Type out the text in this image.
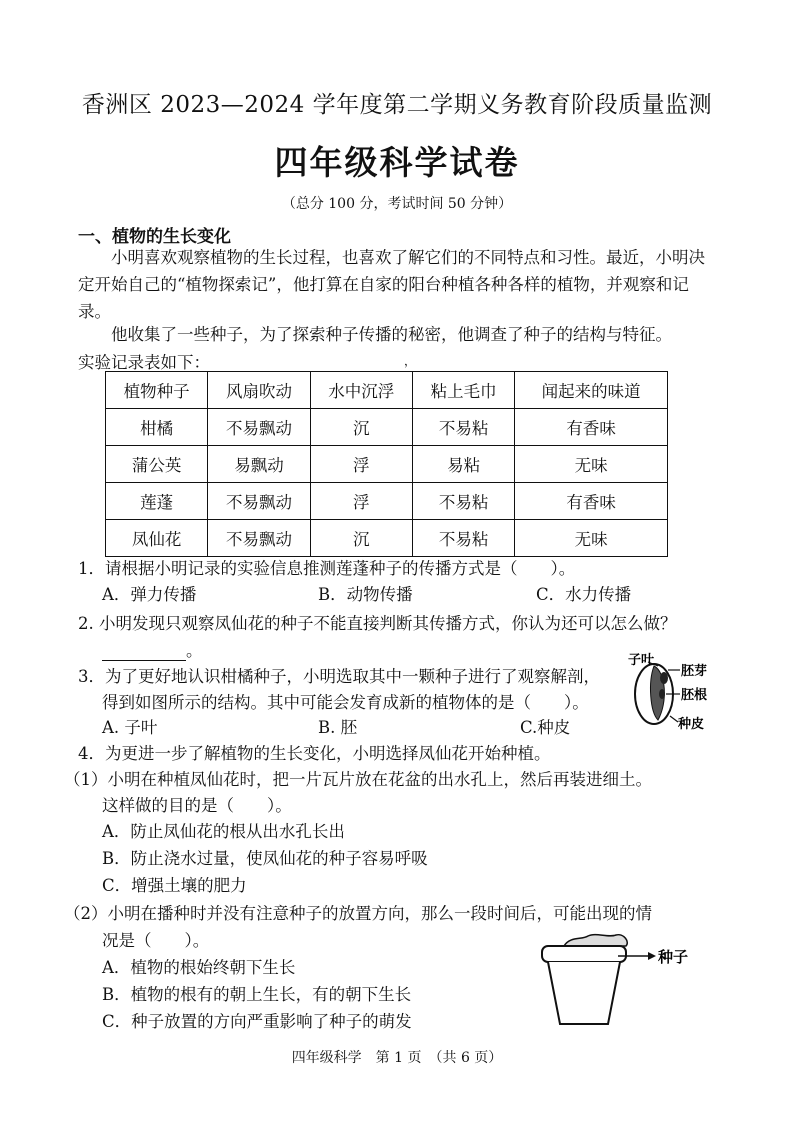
香洲区 2023—2024 学年度第二学期义务教育阶段质量监测
四年级科学试卷
（总分 100 分，考试时间 50 分钟）
一、植物的生长变化
小明喜欢观察植物的生长过程，也喜欢了解它们的不同特点和习性。最近，小明决定开始自己的“植物探索记”，他打算在自家的阳台种植各种各样的植物，并观察和记录。
他收集了一些种子，为了探索种子传播的秘密，他调查了种子的结构与特征。
实验记录表如下：	，
植物种子	风扇吹动	水中沉浮	粘上毛巾	闻起来的味道
柑橘	不易飘动	沉	不易粘	有香味
蒲公英	易飘动	浮	易粘	无味
莲蓬	不易飘动	浮	不易粘	有香味
凤仙花	不易飘动	沉	不易粘	无味
1．请根据小明记录的实验信息推测莲蓬种子的传播方式是（　　）。
A．弹力传播	B．动物传播	C．水力传播
2. 小明发现只观察凤仙花的种子不能直接判断其传播方式，你认为还可以怎么做？
。
3．为了更好地认识柑橘种子，小明选取其中一颗种子进行了观察解剖，
得到如图所示的结构。其中可能会发育成新的植物体的是（　　）。
A. 子叶	B. 胚	C.种皮
子叶
胚芽
胚根
种皮
4．为更进一步了解植物的生长变化，小明选择凤仙花开始种植。
（1）小明在种植凤仙花时，把一片瓦片放在花盆的出水孔上，然后再装进细土。
这样做的目的是（　　）。
A．防止凤仙花的根从出水孔长出
B．防止浇水过量，使凤仙花的种子容易呼吸
C．增强土壤的肥力
（2）小明在播种时并没有注意种子的放置方向，那么一段时间后，可能出现的情
况是（　　）。
A．植物的根始终朝下生长
B．植物的根有的朝上生长，有的朝下生长
C．种子放置的方向严重影响了种子的萌发
种子
四年级科学　第 1 页　（共 6 页）
